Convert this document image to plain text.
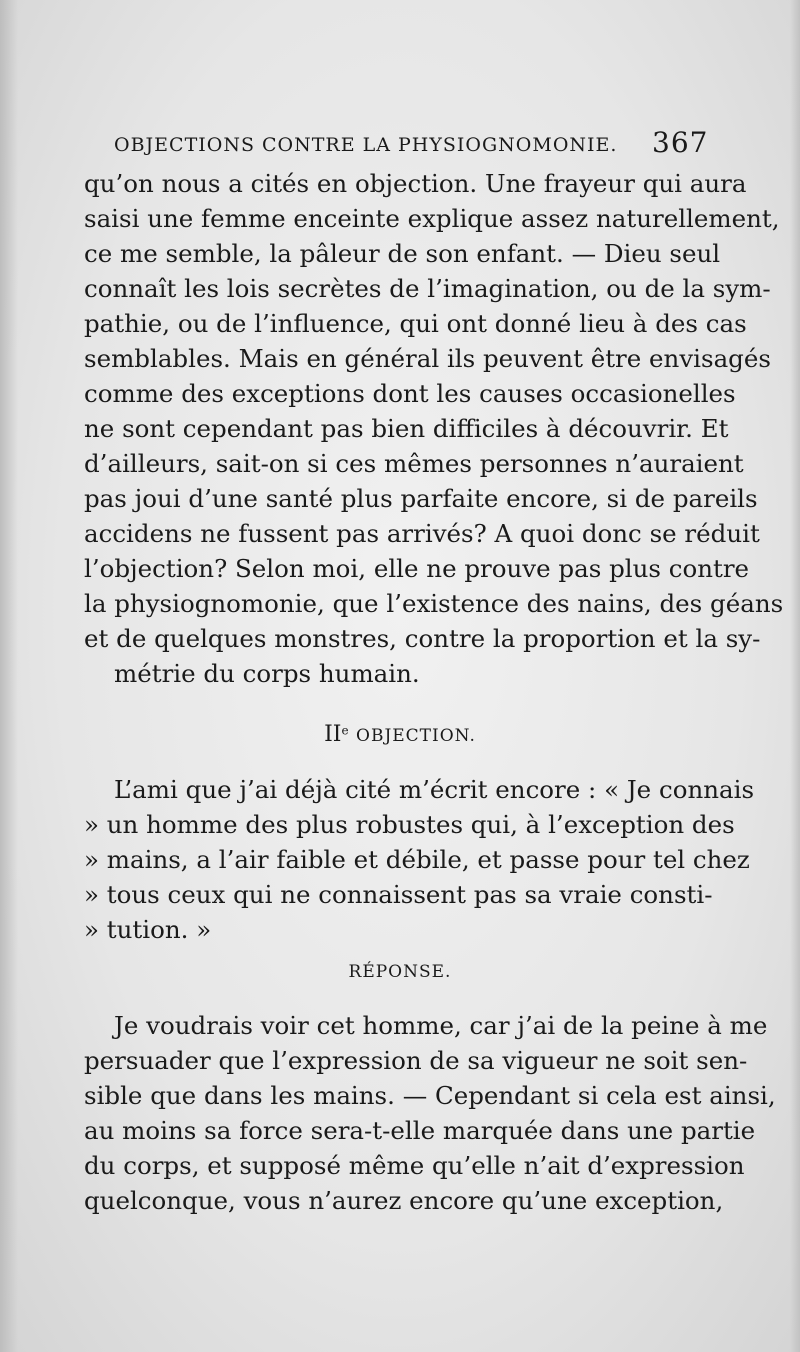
OBJECTIONS CONTRE LA PHYSIOGNOMONIE. 367
qu’on nous a cités en objection. Une frayeur qui aura
saisi une femme enceinte explique assez naturellement,
ce me semble, la pâleur de son enfant. — Dieu seul
connaît les lois secrètes de l’imagination, ou de la sym-
pathie, ou de l’influence, qui ont donné lieu à des cas
semblables. Mais en général ils peuvent être envisagés
comme des exceptions dont les causes occasionelles
ne sont cependant pas bien difficiles à découvrir. Et
d’ailleurs, sait-on si ces mêmes personnes n’auraient
pas joui d’une santé plus parfaite encore, si de pareils
accidens ne fussent pas arrivés? A quoi donc se réduit
l’objection? Selon moi, elle ne prouve pas plus contre
la physiognomonie, que l’existence des nains, des géans
et de quelques monstres, contre la proportion et la sy-
métrie du corps humain.
IIe OBJECTION.
L’ami que j’ai déjà cité m’écrit encore : « Je connais
» un homme des plus robustes qui, à l’exception des
» mains, a l’air faible et débile, et passe pour tel chez
» tous ceux qui ne connaissent pas sa vraie consti-
» tution. »
RÉPONSE.
Je voudrais voir cet homme, car j’ai de la peine à me
persuader que l’expression de sa vigueur ne soit sen-
sible que dans les mains. — Cependant si cela est ainsi,
au moins sa force sera-t-elle marquée dans une partie
du corps, et supposé même qu’elle n’ait d’expression
quelconque, vous n’aurez encore qu’une exception,
